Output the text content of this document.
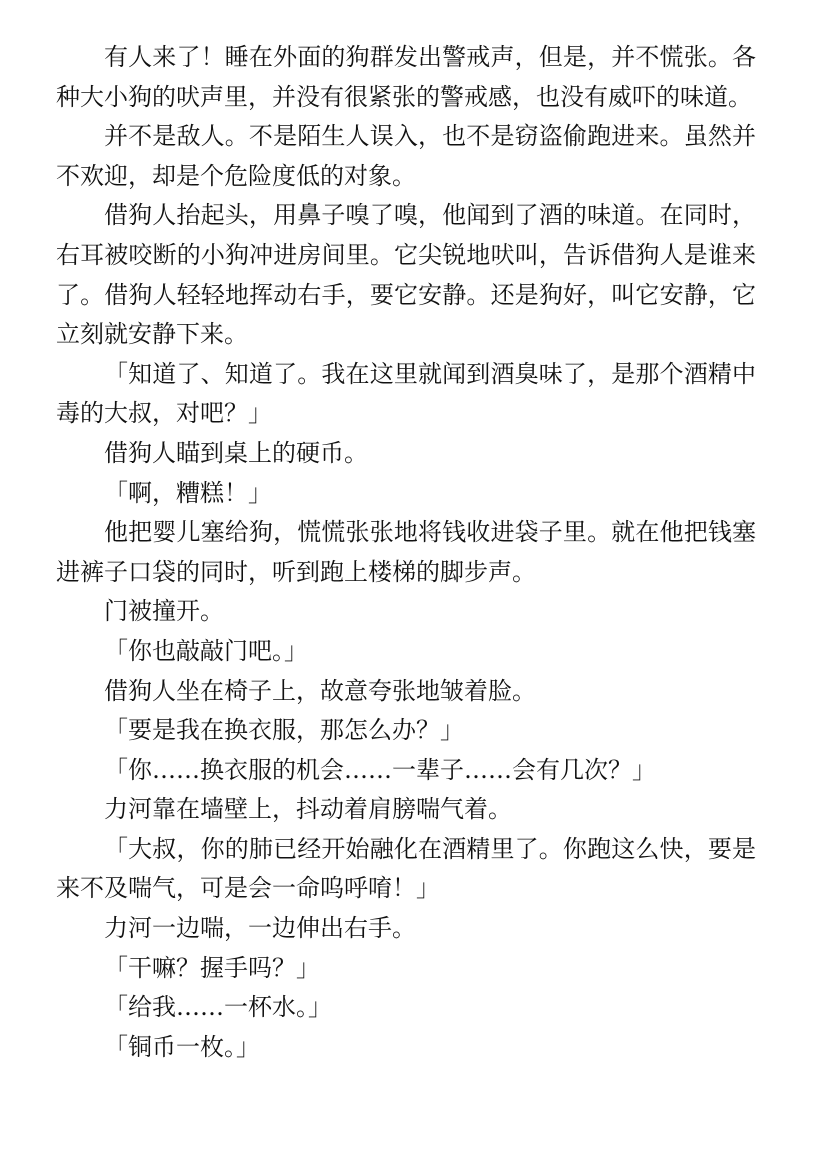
有人来了！睡在外面的狗群发出警戒声，但是，并不慌张。各种大小狗的吠声里，并没有很紧张的警戒感，也没有威吓的味道。

并不是敌人。不是陌生人误入，也不是窃盗偷跑进来。虽然并不欢迎，却是个危险度低的对象。

借狗人抬起头，用鼻子嗅了嗅，他闻到了酒的味道。在同时，右耳被咬断的小狗冲进房间里。它尖锐地吠叫，告诉借狗人是谁来了。借狗人轻轻地挥动右手，要它安静。还是狗好，叫它安静，它立刻就安静下来。

「知道了、知道了。我在这里就闻到酒臭味了，是那个酒精中毒的大叔，对吧？」

借狗人瞄到桌上的硬币。

「啊，糟糕！」

他把婴儿塞给狗，慌慌张张地将钱收进袋子里。就在他把钱塞进裤子口袋的同时，听到跑上楼梯的脚步声。

门被撞开。

「你也敲敲门吧。」

借狗人坐在椅子上，故意夸张地皱着脸。

「要是我在换衣服，那怎么办？」

「你……换衣服的机会……一辈子……会有几次？」

力河靠在墙壁上，抖动着肩膀喘气着。

「大叔，你的肺已经开始融化在酒精里了。你跑这么快，要是来不及喘气，可是会一命呜呼唷！」

力河一边喘，一边伸出右手。

「干嘛？握手吗？」

「给我……一杯水。」

「铜币一枚。」
